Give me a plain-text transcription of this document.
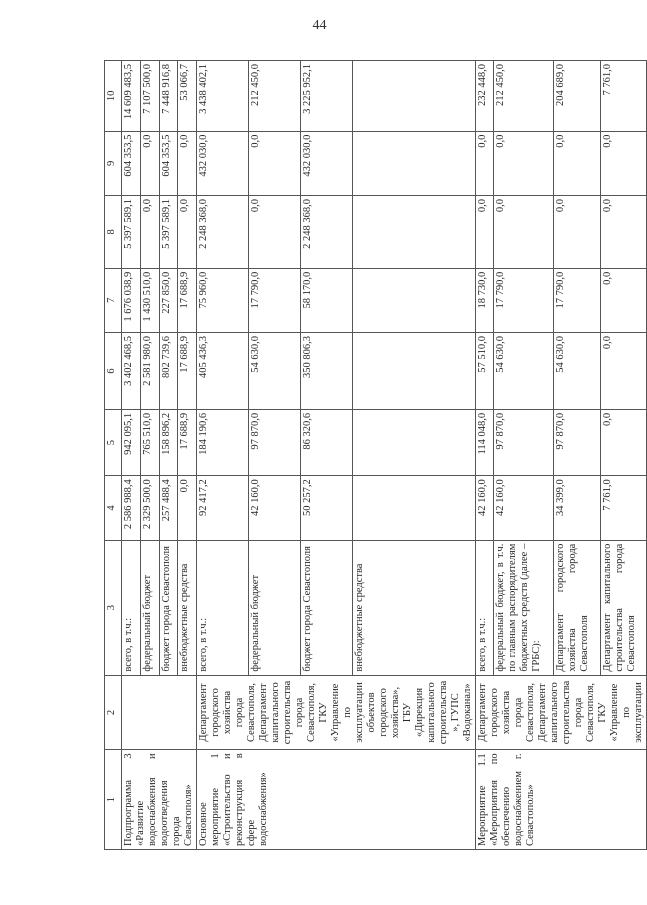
44
1	2	3	4	5	6	7	8	9	10
Подпрограмма 3 «Развитие водоснабжения и водоотведения города Севастополя»		всего, в т.ч.:	2 586 988,4	942 095,1	3 402 468,5	1 676 038,9	5 397 589,1	604 353,5	14 609 483,5
		федеральный бюджет	2 329 500,0	765 510,0	2 581 980,0	1 430 510,0	0,0	0,0	7 107 500,0
		бюджет города Севастополя	257 488,4	158 896,2	802 739,6	227 850,0	5 397 589,1	604 353,5	7 448 916,8
		внебюджетные средства	0,0	17 688,9	17 688,9	17 688,9	0,0	0,0	53 066,7
Основное мероприятие 1 «Строительство и реконструкция в сфере водоснабжения»	Департамент городского хозяйства города Севастополя, Департамент капитального строительства города Севастополя, ГКУ «Управление по эксплуатации объектов городского хозяйства», ГБУ «Дирекция капитального строительства», ГУПС «Водоканал»	всего, в т.ч.:	92 417,2	184 190,6	405 436,3	75 960,0	2 248 368,0	432 030,0	3 438 402,1
		федеральный бюджет	42 160,0	97 870,0	54 630,0	17 790,0	0,0	0,0	212 450,0
		бюджет города Севастополя	50 257,2	86 320,6	350 806,3	58 170,0	2 248 368,0	432 030,0	3 225 952,1
		внебюджетные средства							
Мероприятие 1.1 «Мероприятия по обеспечению водоснабжением г. Севастополь»	Департамент городского хозяйства города Севастополя, Департамент капитального строительства города Севастополя, ГКУ «Управление по эксплуатации	всего, в т.ч.:	42 160,0	114 048,0	57 510,0	18 730,0	0,0	0,0	232 448,0
		федеральный бюджет, в т.ч. по главным распорядителям бюджетных средств (далее – ГРБС):	42 160,0	97 870,0	54 630,0	17 790,0	0,0	0,0	212 450,0
		Департамент городского хозяйства города Севастополя	34 399,0	97 870,0	54 630,0	17 790,0	0,0	0,0	204 689,0
		Департамент капитального строительства города Севастополя	7 761,0	0,0	0,0	0,0	0,0	0,0	7 761,0
